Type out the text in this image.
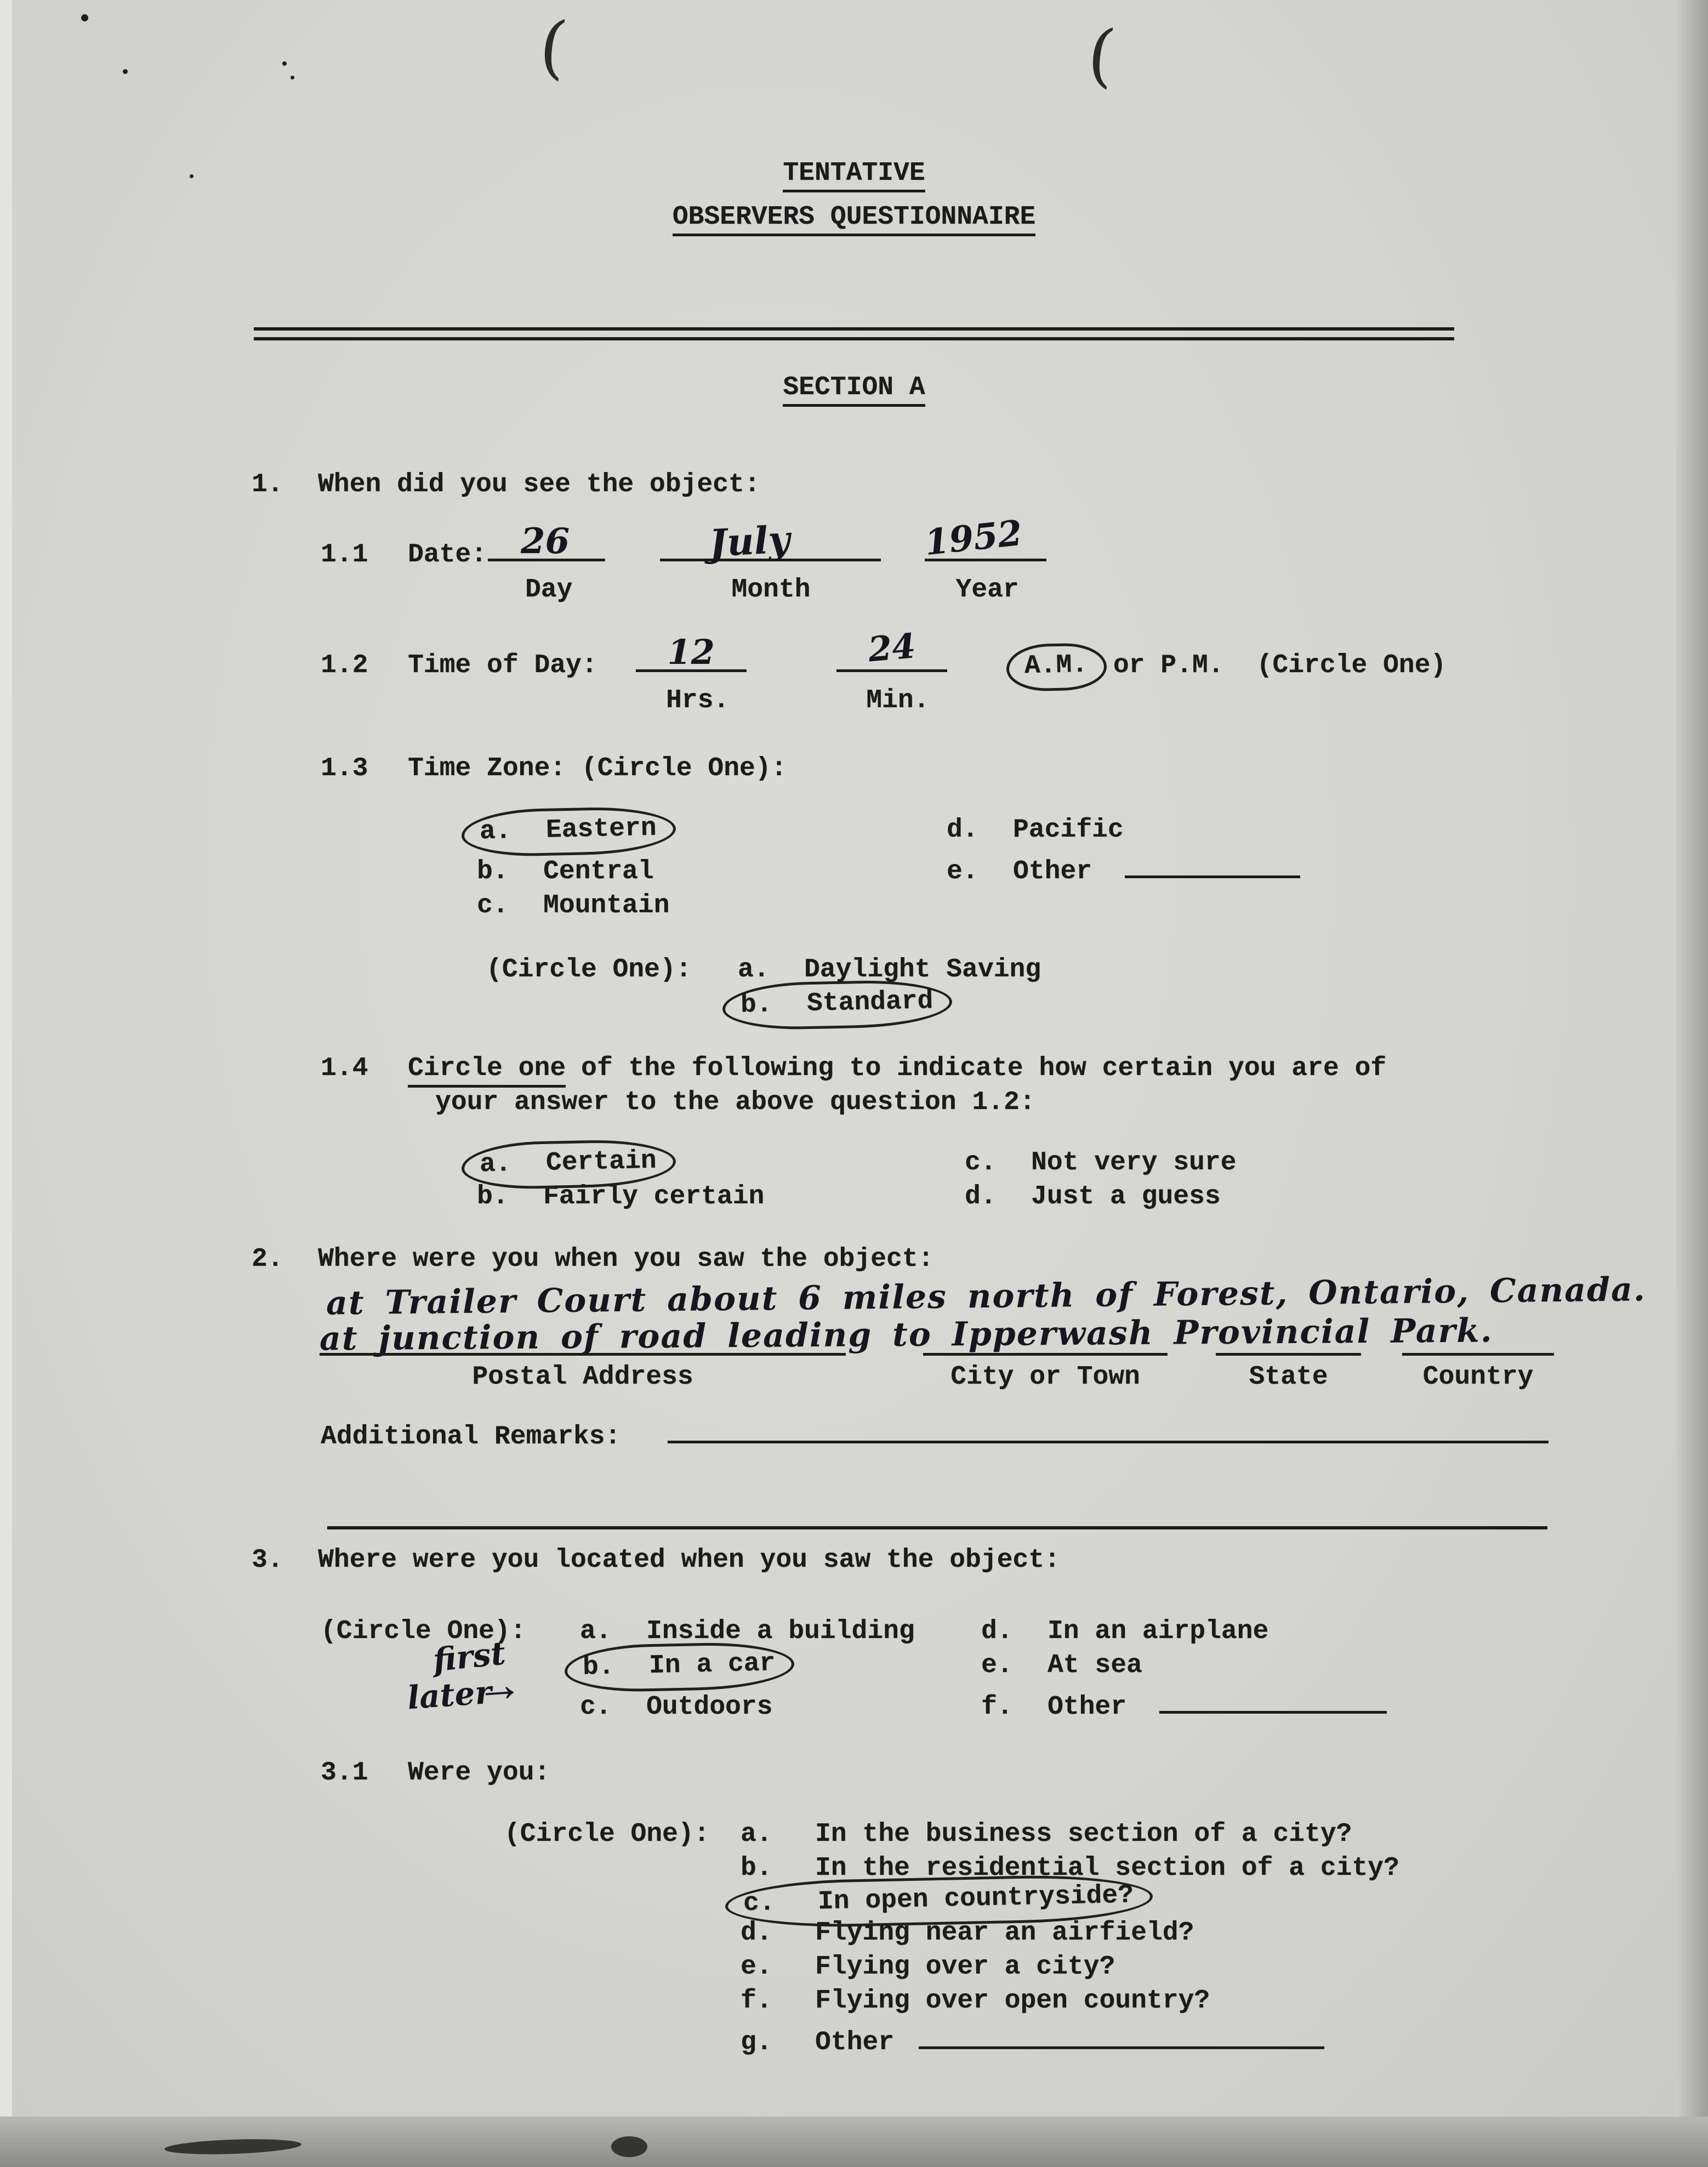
(	(
TENTATIVE
OBSERVERS QUESTIONNAIRE
SECTION A
1.	When did you see the object:
1.1	Date: 26	July	1952
Day	Month	Year
1.2	Time of Day: 12	24	A.M. or P.M. (Circle One)
Hrs.	Min.
1.3	Time Zone: (Circle One):
a. Eastern	d.	Pacific
b.	Central	e.	Other
c.	Mountain
(Circle One):	a.	Daylight Saving
b. Standard
1.4	Circle one of the following to indicate how certain you are of
your answer to the above question 1.2:
a. Certain	c.	Not very sure
b.	Fairly certain	d.	Just a guess
2.	Where were you when you saw the object:
at Trailer Court about 6 miles north of Forest, Ontario, Canada.
at junction of road leading to Ipperwash Provincial Park.
Postal Address	City or Town	State	Country
Additional Remarks:
3.	Where were you located when you saw the object:
first
later
→
(Circle One):	a.	Inside a building	d.	In an airplane
b. In a car	e.	At sea
c.	Outdoors	f.	Other
3.1	Were you:
(Circle One):	a.	In the business section of a city?
b.	In the residential section of a city?
c. In open countryside?
d.	Flying near an airfield?
e.	Flying over a city?
f.	Flying over open country?
g.	Other
